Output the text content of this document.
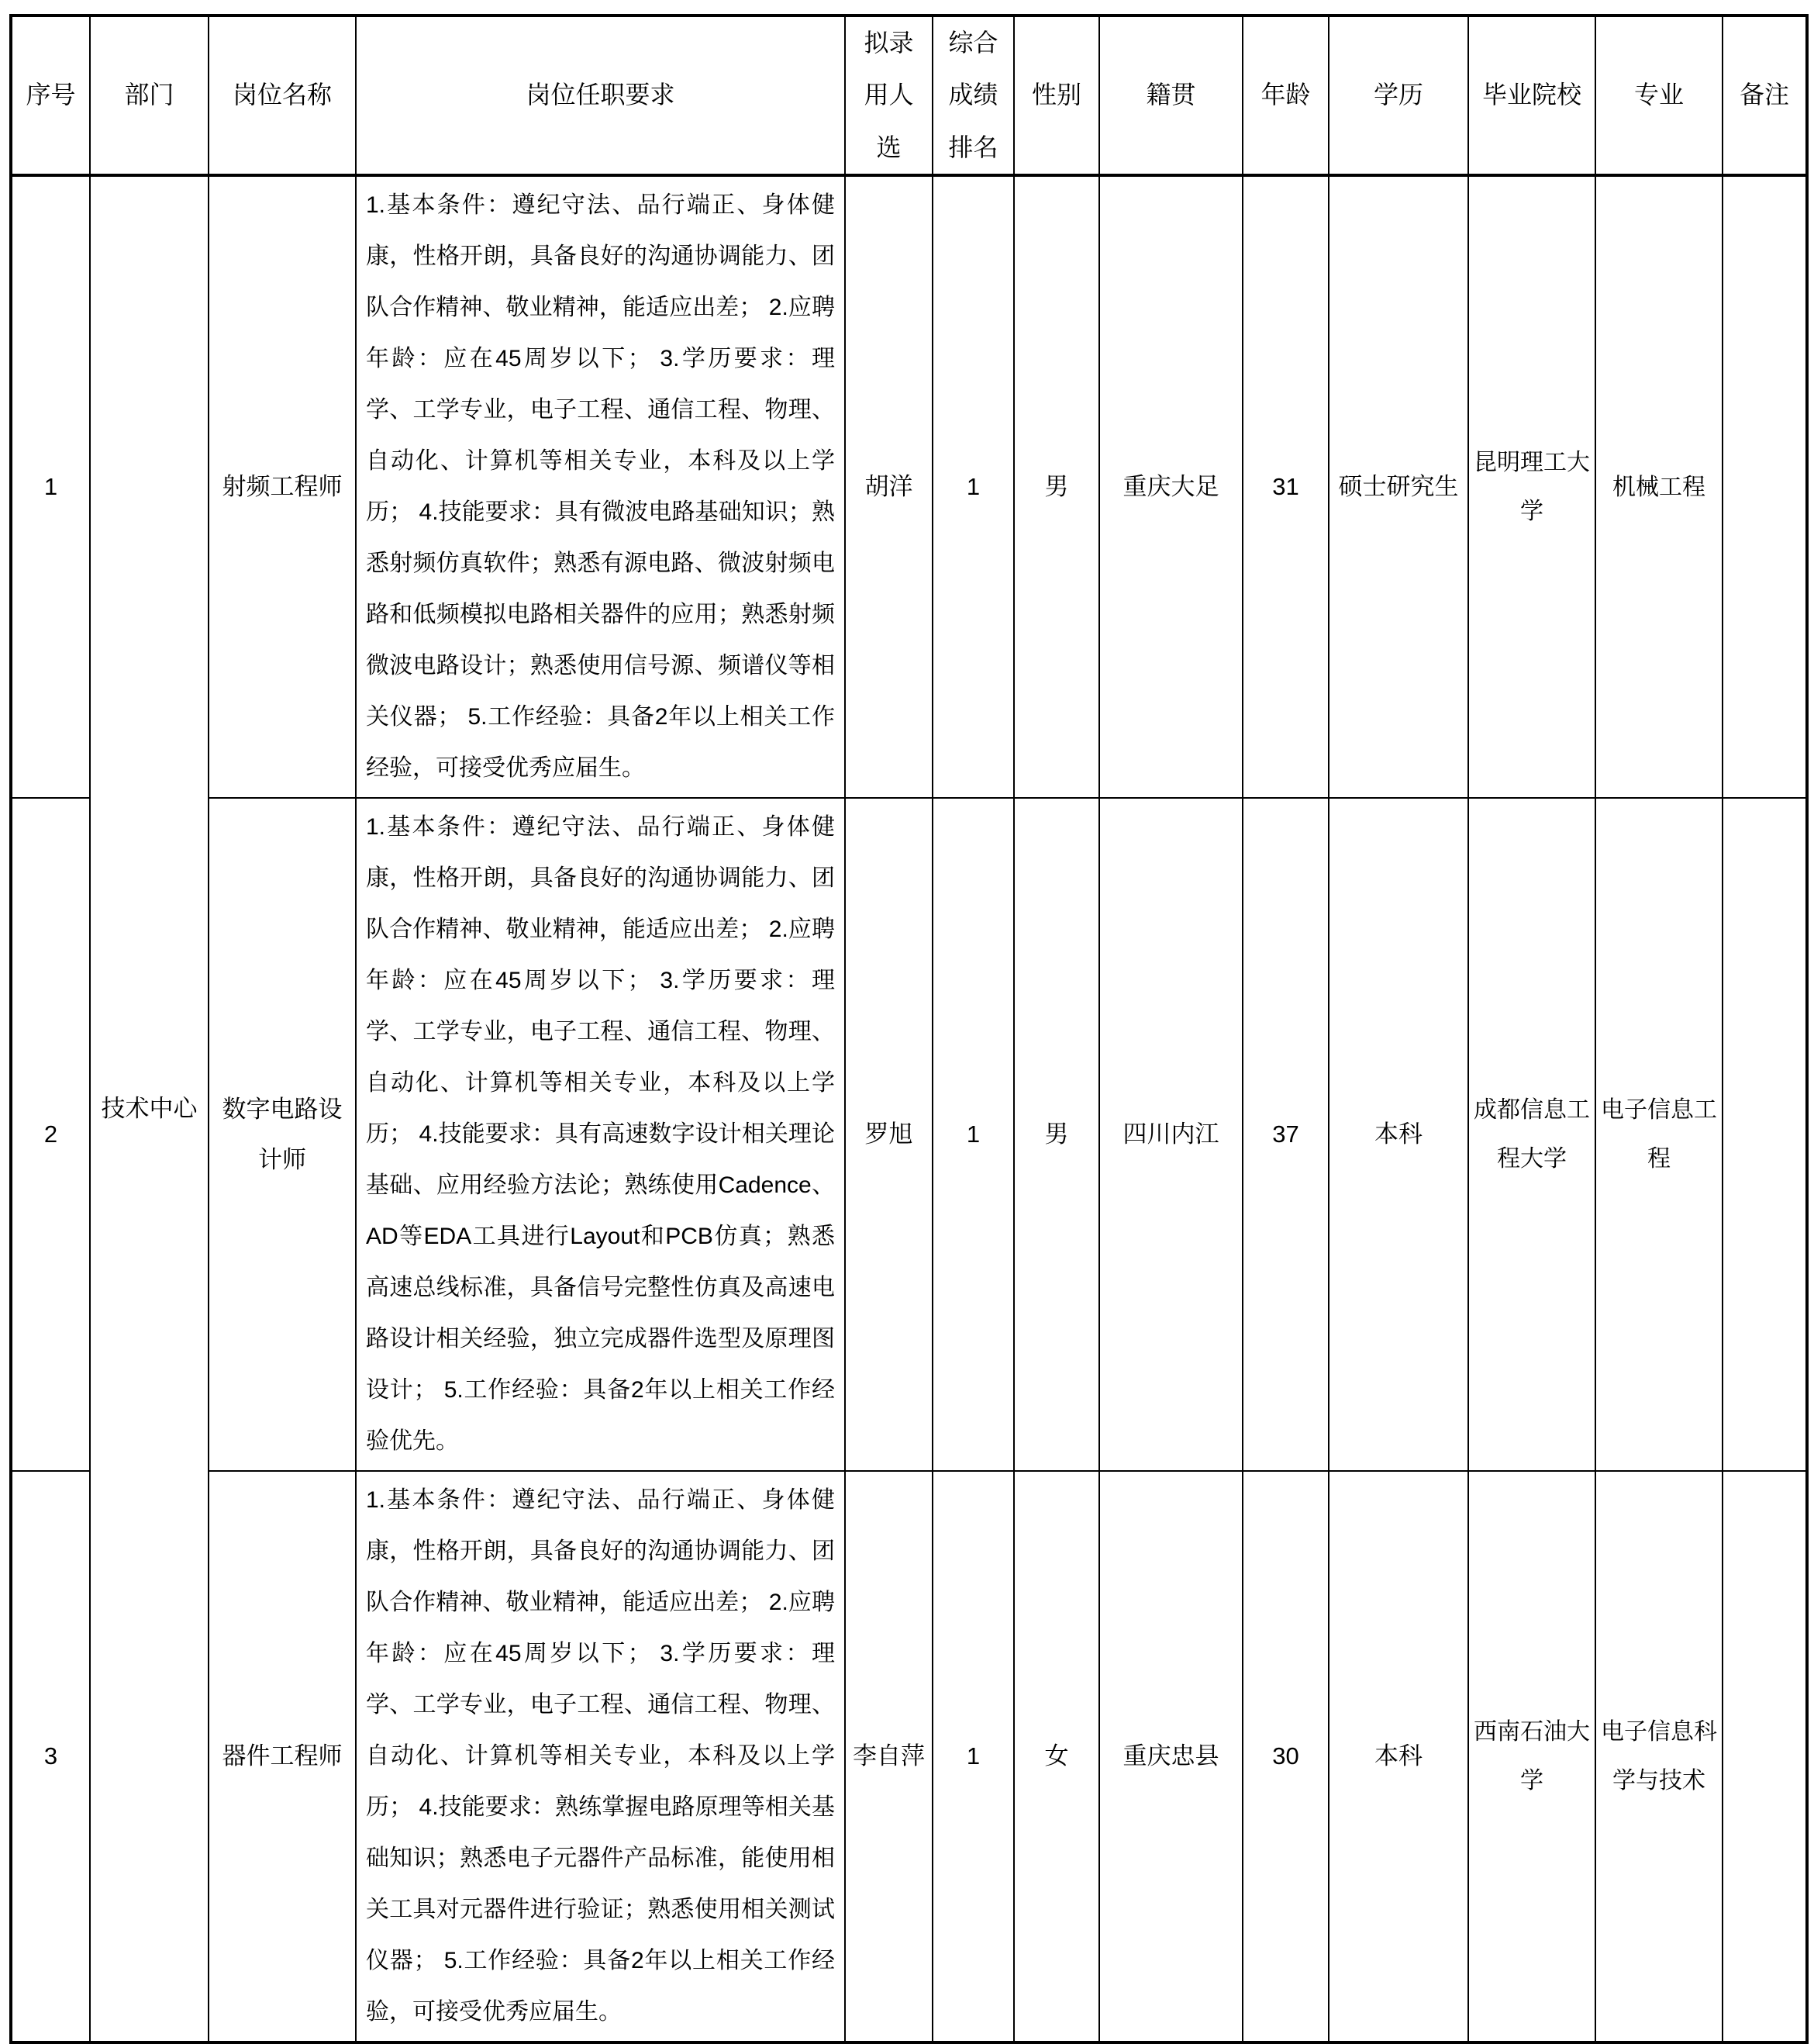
序号	部门	岗位名称	岗位任职要求	拟录用人选	综合成绩排名	性别	籍贯	年龄	学历	毕业院校	专业	备注
1	技术中心	射频工程师	1.基本条件：遵纪守法、品行端正、身体健康，性格开朗，具备良好的沟通协调能力、团队合作精神、敬业精神，能适应出差； 2.应聘年龄：应在45周岁以下； 3.学历要求：理学、工学专业，电子工程、通信工程、物理、自动化、计算机等相关专业，本科及以上学历； 4.技能要求：具有微波电路基础知识；熟悉射频仿真软件；熟悉有源电路、微波射频电路和低频模拟电路相关器件的应用；熟悉射频微波电路设计；熟悉使用信号源、频谱仪等相关仪器； 5.工作经验：具备2年以上相关工作经验，可接受优秀应届生。	胡洋	1	男	重庆大足	31	硕士研究生	昆明理工大学	机械工程	
2		数字电路设计师	1.基本条件：遵纪守法、品行端正、身体健康，性格开朗，具备良好的沟通协调能力、团队合作精神、敬业精神，能适应出差； 2.应聘年龄：应在45周岁以下； 3.学历要求：理学、工学专业，电子工程、通信工程、物理、自动化、计算机等相关专业，本科及以上学历； 4.技能要求：具有高速数字设计相关理论基础、应用经验方法论；熟练使用Cadence、AD等EDA工具进行Layout和PCB仿真；熟悉高速总线标准，具备信号完整性仿真及高速电路设计相关经验，独立完成器件选型及原理图设计； 5.工作经验：具备2年以上相关工作经验优先。	罗旭	1	男	四川内江	37	本科	成都信息工程大学	电子信息工程	
3		器件工程师	1.基本条件：遵纪守法、品行端正、身体健康，性格开朗，具备良好的沟通协调能力、团队合作精神、敬业精神，能适应出差； 2.应聘年龄：应在45周岁以下； 3.学历要求：理学、工学专业，电子工程、通信工程、物理、自动化、计算机等相关专业，本科及以上学历； 4.技能要求：熟练掌握电路原理等相关基础知识；熟悉电子元器件产品标准，能使用相关工具对元器件进行验证；熟悉使用相关测试仪器； 5.工作经验：具备2年以上相关工作经验，可接受优秀应届生。	李自萍	1	女	重庆忠县	30	本科	西南石油大学	电子信息科学与技术	
